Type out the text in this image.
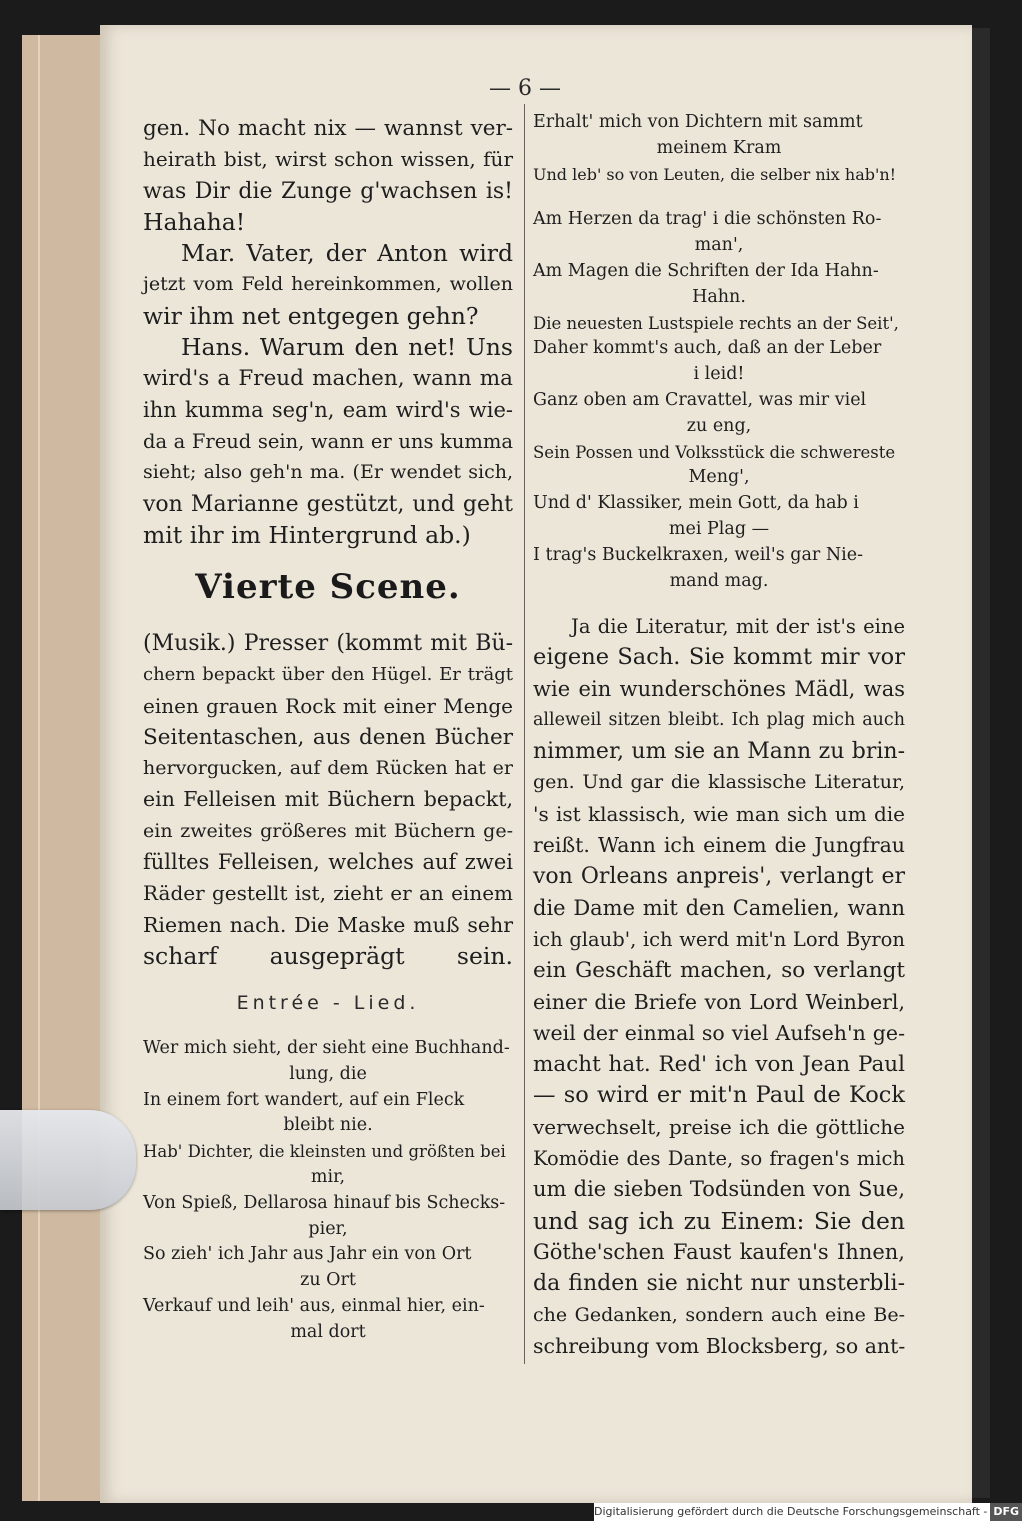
— 6 —
gen. No macht nix — wannst ver-
heirath bist, wirst schon wissen, für
was Dir die Zunge g'wachsen is!
Hahaha!
Mar. Vater, der Anton wird
jetzt vom Feld hereinkommen, wollen
wir ihm net entgegen gehn?
Hans. Warum den net! Uns
wird's a Freud machen, wann ma
ihn kumma seg'n, eam wird's wie-
da a Freud sein, wann er uns kumma
sieht; also geh'n ma. (Er wendet sich,
von Marianne gestützt, und geht
mit ihr im Hintergrund ab.)
Vierte Scene.
(Musik.) Presser (kommt mit Bü-
chern bepackt über den Hügel. Er trägt
einen grauen Rock mit einer Menge
Seitentaschen, aus denen Bücher
hervorgucken, auf dem Rücken hat er
ein Felleisen mit Büchern bepackt,
ein zweites größeres mit Büchern ge-
fülltes Felleisen, welches auf zwei
Räder gestellt ist, zieht er an einem
Riemen nach. Die Maske muß sehr
scharf ausgeprägt sein.
Entrée - Lied.
Wer mich sieht, der sieht eine Buchhand-
lung, die
In einem fort wandert, auf ein Fleck
bleibt nie.
Hab' Dichter, die kleinsten und größten bei
mir,
Von Spieß, Dellarosa hinauf bis Schecks-
pier,
So zieh' ich Jahr aus Jahr ein von Ort
zu Ort
Verkauf und leih' aus, einmal hier, ein-
mal dort
Erhalt' mich von Dichtern mit sammt
meinem Kram
Und leb' so von Leuten, die selber nix hab'n!
Am Herzen da trag' i die schönsten Ro-
man',
Am Magen die Schriften der Ida Hahn-
Hahn.
Die neuesten Lustspiele rechts an der Seit',
Daher kommt's auch, daß an der Leber
i leid!
Ganz oben am Cravattel, was mir viel
zu eng,
Sein Possen und Volksstück die schwereste
Meng',
Und d' Klassiker, mein Gott, da hab i
mei Plag —
I trag's Buckelkraxen, weil's gar Nie-
mand mag.
Ja die Literatur, mit der ist's eine
eigene Sach. Sie kommt mir vor
wie ein wunderschönes Mädl, was
alleweil sitzen bleibt. Ich plag mich auch
nimmer, um sie an Mann zu brin-
gen. Und gar die klassische Literatur,
's ist klassisch, wie man sich um die
reißt. Wann ich einem die Jungfrau
von Orleans anpreis', verlangt er
die Dame mit den Camelien, wann
ich glaub', ich werd mit'n Lord Byron
ein Geschäft machen, so verlangt
einer die Briefe von Lord Weinberl,
weil der einmal so viel Aufseh'n ge-
macht hat. Red' ich von Jean Paul
— so wird er mit'n Paul de Kock
verwechselt, preise ich die göttliche
Komödie des Dante, so fragen's mich
um die sieben Todsünden von Sue,
und sag ich zu Einem: Sie den
Göthe'schen Faust kaufen's Ihnen,
da finden sie nicht nur unsterbli-
che Gedanken, sondern auch eine Be-
schreibung vom Blocksberg, so ant-
Digitalisierung gefördert durch die Deutsche Forschungsgemeinschaft - DFG
